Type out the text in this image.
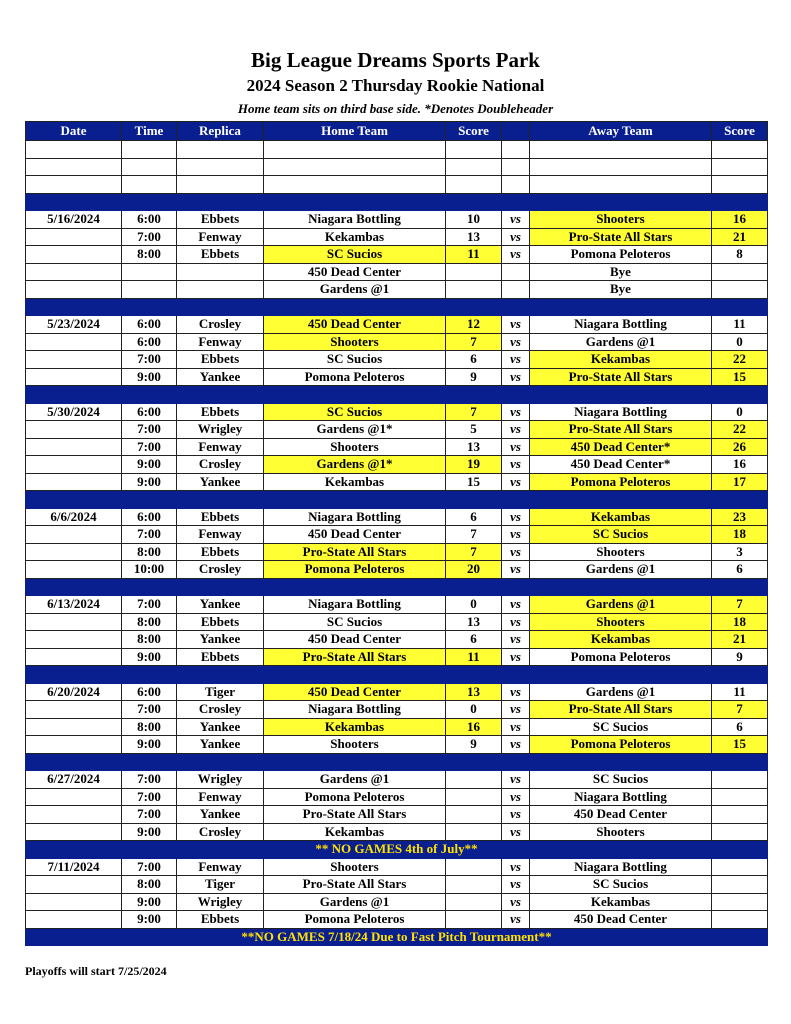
Big League Dreams Sports Park
2024 Season 2 Thursday Rookie National
Home team sits on third base side. *Denotes Doubleheader
Date	Time	Replica	Home Team	Score		Away Team	Score

5/16/2024	6:00	Ebbets	Niagara Bottling	10	vs	Shooters	16
	7:00	Fenway	Kekambas	13	vs	Pro-State All Stars	21
	8:00	Ebbets	SC Sucios	11	vs	Pomona Peloteros	8
			450 Dead Center			Bye	
			Gardens @1			Bye	

5/23/2024	6:00	Crosley	450 Dead Center	12	vs	Niagara Bottling	11
	6:00	Fenway	Shooters	7	vs	Gardens @1	0
	7:00	Ebbets	SC Sucios	6	vs	Kekambas	22
	9:00	Yankee	Pomona Peloteros	9	vs	Pro-State All Stars	15

5/30/2024	6:00	Ebbets	SC Sucios	7	vs	Niagara Bottling	0
	7:00	Wrigley	Gardens @1*	5	vs	Pro-State All Stars	22
	7:00	Fenway	Shooters	13	vs	450 Dead Center*	26
	9:00	Crosley	Gardens @1*	19	vs	450 Dead Center*	16
	9:00	Yankee	Kekambas	15	vs	Pomona Peloteros	17

6/6/2024	6:00	Ebbets	Niagara Bottling	6	vs	Kekambas	23
	7:00	Fenway	450 Dead Center	7	vs	SC Sucios	18
	8:00	Ebbets	Pro-State All Stars	7	vs	Shooters	3
	10:00	Crosley	Pomona Peloteros	20	vs	Gardens @1	6

6/13/2024	7:00	Yankee	Niagara Bottling	0	vs	Gardens @1	7
	8:00	Ebbets	SC Sucios	13	vs	Shooters	18
	8:00	Yankee	450 Dead Center	6	vs	Kekambas	21
	9:00	Ebbets	Pro-State All Stars	11	vs	Pomona Peloteros	9

6/20/2024	6:00	Tiger	450 Dead Center	13	vs	Gardens @1	11
	7:00	Crosley	Niagara Bottling	0	vs	Pro-State All Stars	7
	8:00	Yankee	Kekambas	16	vs	SC Sucios	6
	9:00	Yankee	Shooters	9	vs	Pomona Peloteros	15

6/27/2024	7:00	Wrigley	Gardens @1		vs	SC Sucios	
	7:00	Fenway	Pomona Peloteros		vs	Niagara Bottling	
	7:00	Yankee	Pro-State All Stars		vs	450 Dead Center	
	9:00	Crosley	Kekambas		vs	Shooters	
** NO GAMES 4th of July**							
7/11/2024	7:00	Fenway	Shooters		vs	Niagara Bottling	
	8:00	Tiger	Pro-State All Stars		vs	SC Sucios	
	9:00	Wrigley	Gardens @1		vs	Kekambas	
	9:00	Ebbets	Pomona Peloteros		vs	450 Dead Center	
**NO GAMES 7/18/24 Due to Fast Pitch Tournament**							
Playoffs will start 7/25/2024
